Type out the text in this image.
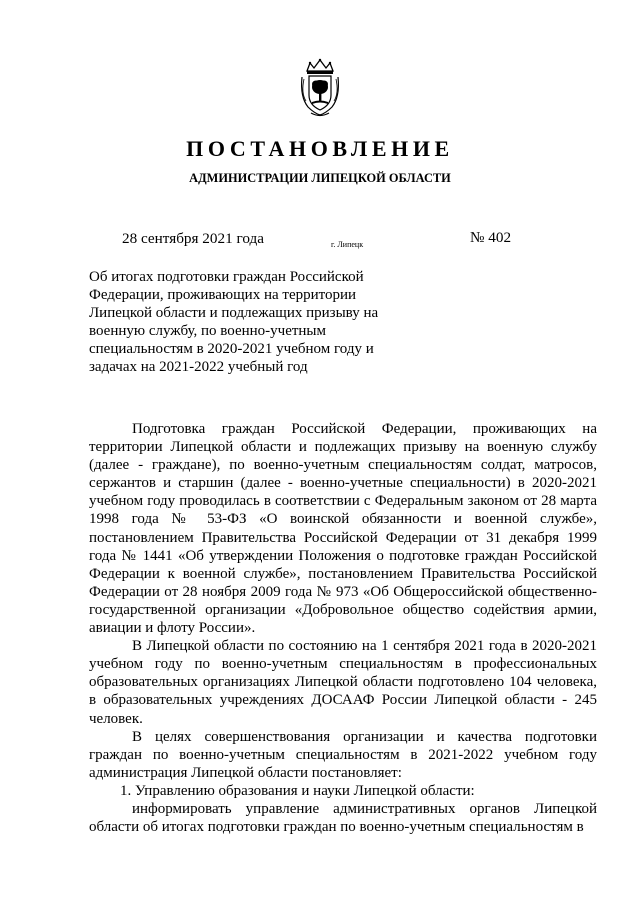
ПОСТАНОВЛЕНИЕ
АДМИНИСТРАЦИИ ЛИПЕЦКОЙ ОБЛАСТИ
28 сентября 2021 года	г. Липецк	№ 402

Об итогах подготовки граждан Российской Федерации, проживающих на территории Липецкой области и подлежащих призыву на военную службу, по военно-учетным специальностям в 2020-2021 учебном году и задачах на 2021-2022 учебный год

Подготовка граждан Российской Федерации, проживающих на территории Липецкой области и подлежащих призыву на военную службу (далее - граждане), по военно-учетным специальностям солдат, матросов, сержантов и старшин (далее - военно-учетные специальности) в 2020-2021 учебном году проводилась в соответствии с Федеральным законом от 28 марта 1998 года № 53-ФЗ «О воинской обязанности и военной службе», постановлением Правительства Российской Федерации от 31 декабря 1999 года № 1441 «Об утверждении Положения о подготовке граждан Российской Федерации к военной службе», постановлением Правительства Российской Федерации от 28 ноября 2009 года № 973 «Об Общероссийской общественно-государственной организации «Добровольное общество содействия армии, авиации и флоту России».

В Липецкой области по состоянию на 1 сентября 2021 года в 2020-2021 учебном году по военно-учетным специальностям в профессиональных образовательных организациях Липецкой области подготовлено 104 человека, в образовательных учреждениях ДОСААФ России Липецкой области - 245 человек.

В целях совершенствования организации и качества подготовки граждан по военно-учетным специальностям в 2021-2022 учебном году администрация Липецкой области постановляет:

1. Управлению образования и науки Липецкой области:

информировать управление административных органов Липецкой области об итогах подготовки граждан по военно-учетным специальностям в
